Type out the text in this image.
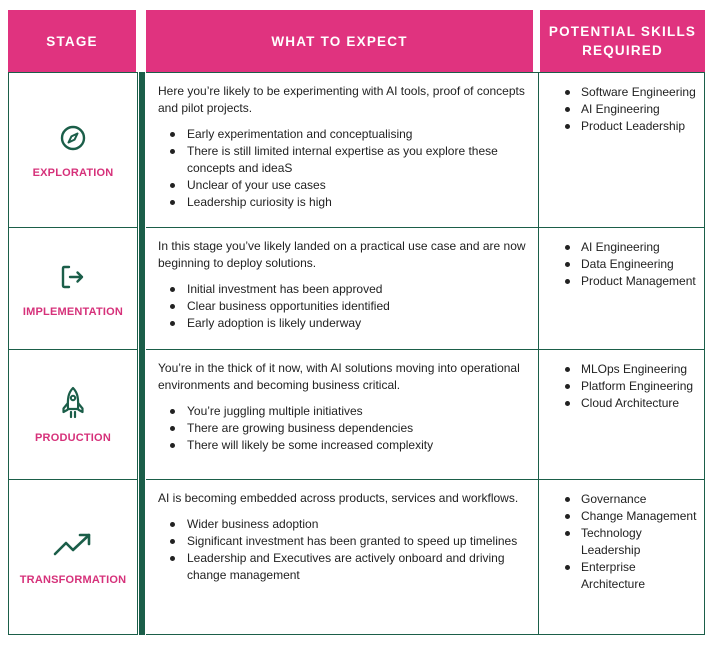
STAGE	WHAT TO EXPECT
POTENTIAL SKILLS REQUIRED
EXPLORATION

Here you’re likely to be experimenting with AI tools, proof of concepts and pilot projects.

Early experimentation and conceptualising
There is still limited internal expertise as you explore these concepts and ideaS
Unclear of your use cases
Leadership curiosity is high
Software Engineering
AI Engineering
Product Leadership
IMPLEMENTATION

In this stage you’ve likely landed on a practical use case and are now beginning to deploy solutions.

Initial investment has been approved
Clear business opportunities identified
Early adoption is likely underway
AI Engineering
Data Engineering
Product Management
PRODUCTION

You’re in the thick of it now, with AI solutions moving into operational environments and becoming business critical.

You’re juggling multiple initiatives
There are growing business dependencies
There will likely be some increased complexity
MLOps Engineering
Platform Engineering
Cloud Architecture
TRANSFORMATION

AI is becoming embedded across products, services and workflows.

Wider business adoption
Significant investment has been granted to speed up timelines
Leadership and Executives are actively onboard and driving change management
Governance
Change Management
Technology Leadership
Enterprise Architecture
